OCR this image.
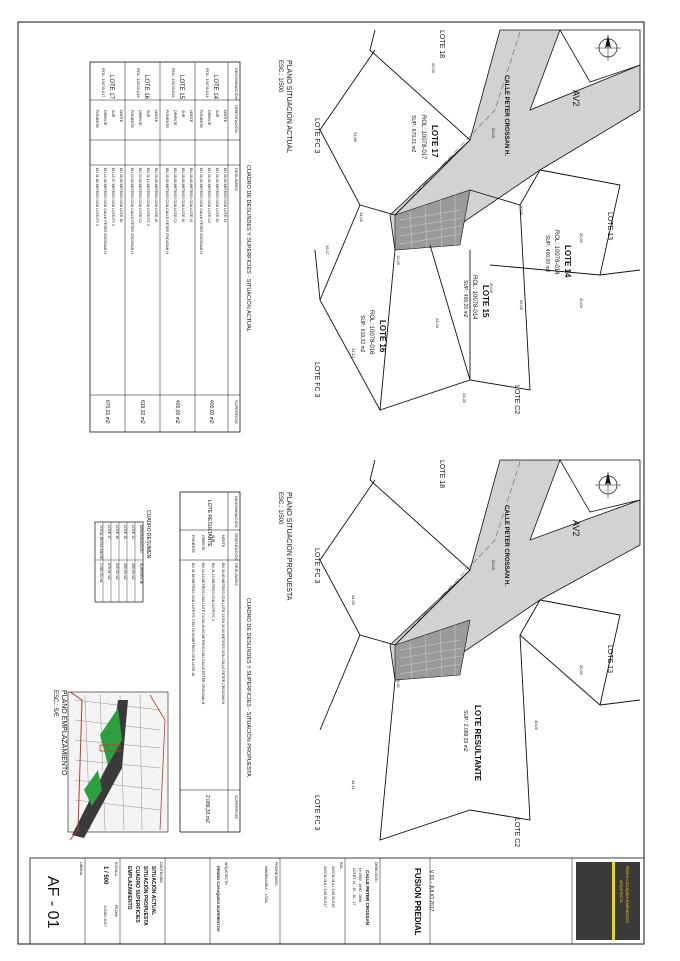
AV2
CALLE PETER CROSSAN H.
LOTE 17
ROL: 10078-017
SUP.: 670,01 m2
LOTE 14
ROL: 10078-014
SUP.: 400,00 m2
LOTE 15
ROL: 10078-014
SUP.: 400,00 m2
LOTE 16
ROL: 10078-016
SUP.: 619,32 m2
LOTE FC 3
LOTE FC 3
LOTE 18
LOTE 13
LOTE C2
20,00
20,00
31,86
20,00
14,00
20,00
12,00
19,37
20,00
24,00
26,00
24,00
31,12
20,00
AV2
CALLE PETER CROSSAN H.
LOTE RESULTANTE
SUP.: 2.089,33 m2
LOTE FC 3
LOTE FC 3
LOTE 18
LOTE 13
LOTE C2
44,00
20,00
9,00
20,00
40,00
44,11
PLANO SITUACIÓN ACTUAL
ESC.: 1/500
CUADRO DE DESLINDES Y SUPERFICIES - SITUACIÓN ACTUAL
DENOMINACIÓN
ORIENTACIÓN
DESLINDES
SUPERFICIE
LOTE 14
ROL: 10078-014
NORTE
EN 20,00 METROS CON LOTE 13
SUR
EN 20,00 METROS CON LOTE 15
ORIENTE
EN 20,00 METROS CON LOTE C2
PONIENTE
EN 20,00 METROS CON CALLE PETER CROSSAN H.
400,00 m2
LOTE 15
ROL: 10078-015
NORTE
EN 20,00 METROS CON LOTE 14
SUR
EN 20,00 METROS CON LOTE 16
ORIENTE
EN 20,00 METROS CON LOTE C2
PONIENTE
EN 20,00 METROS CON CALLE PETER CROSSAN H.
400,00 m2
LOTE 16
ROL: 10078-016
NORTE
EN 20,00 METROS CON LOTE 15
SUR
EN 31,12 METROS CON LOTE FC 3
ORIENTE
EN 24,00 METROS CON LOTE C2
PONIENTE
EN 14,00 METROS CON CALLE PETER CROSSAN H.
619,32 m2
LOTE 17
ROL: 10078-017
NORTE
EN 20,00 METROS CON LOTE 18
SUR
EN 19,37 METROS CON LOTE FC 3
ORIENTE
EN 12,00 METROS CON CALLE PETER CROSSAN H.
PONIENTE
EN 31,86 METROS CON LOTE FC 3
670,01 m2
PLANO SITUACIÓN PROPUESTA
ESC.: 1/500
CUADRO DE DESLINDES Y SUPERFICIES - SITUACIÓN PROPUESTA
DENOMINACIÓN
ORIENTACIÓN
DESLINDES
SUPERFICIE
LOTE RESULTANTE	NORTE
EN 20,00 METROS CON LOTE 13 EN 20,00 METROS CON CALLE PETER CROSSAN H.
SUR
EN 31,12 METROS CON LOTE FC 3
ORIENTE
EN 44,11 METROS CON LOTE C2 EN 40,00 METROS CON CALLE PETER CROSSAN H.
PONIENTE
EN 31,86 METROS CON LOTE FC 3 EN 20,00 METROS CON LOTE 18
2.089,33 m2
CUADRO RESUMEN
DENOMINACIÓN
SUPERFICIE
LOTE 14
400,00 m2
LOTE 15
400,00 m2
LOTE 16
619,32 m2
LOTE 17
670,01 m2
TOTAL RESULTANTE
2.089,33 m2
PLANO EMPLAZAMIENTO
ESC.: S/E
PEDRO CAYUQUEO BARRIENTOS
ARQUITECTO
V 01 - JULIO 2017
FUSION PREDIAL
DIRECCIÓN
CALLE PETER CROSSAN
Nº 0980 - 0980 - 0868
LOTES 14 - 15 - 16 - 17
ROL
10078-014 / 10078-015
10078-016 / 10078-017
PROPIETARIO
INMOBILIARIA ... LTDA.
ARQUITECTO
PEDRO CAYUQUEO BARRIENTOS
CONTENIDO
SITUACIÓN ACTUAL
SITUACIÓN PROPUESTA
CUADRO SUPERFICIES
EMPLAZAMIENTO
ESCALA
1 / 500
FECHA
JUNIO 2017
LÁMINA
AF - 01
